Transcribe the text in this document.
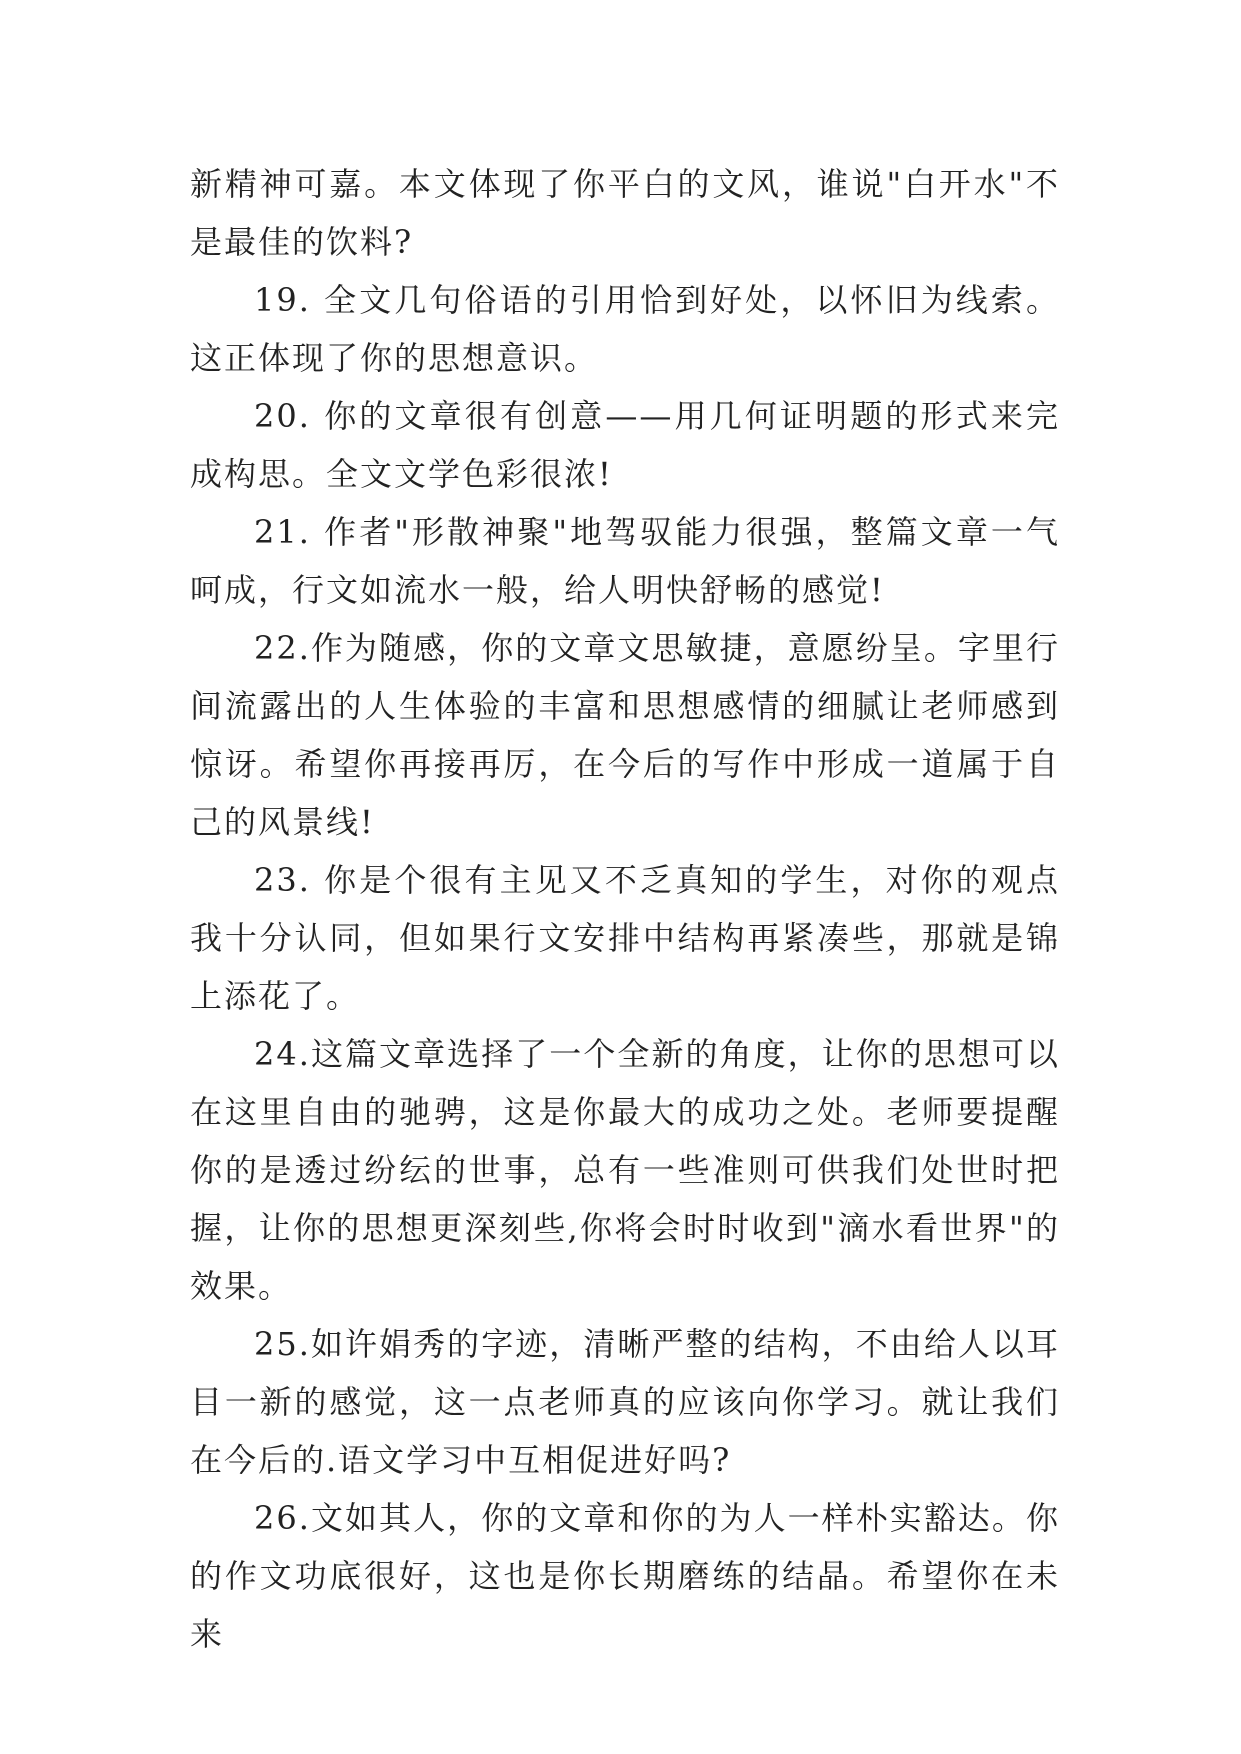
新精神可嘉。本文体现了你平白的文风，谁说"白开水"不是最佳的饮料?

19. 全文几句俗语的引用恰到好处，以怀旧为线索。这正体现了你的思想意识。

20. 你的文章很有创意——用几何证明题的形式来完成构思。全文文学色彩很浓!

21. 作者"形散神聚"地驾驭能力很强，整篇文章一气呵成，行文如流水一般，给人明快舒畅的感觉!

22.作为随感，你的文章文思敏捷，意愿纷呈。字里行间流露出的人生体验的丰富和思想感情的细腻让老师感到惊讶。希望你再接再厉，在今后的写作中形成一道属于自己的风景线!

23. 你是个很有主见又不乏真知的学生，对你的观点我十分认同，但如果行文安排中结构再紧凑些，那就是锦上添花了。

24.这篇文章选择了一个全新的角度，让你的思想可以在这里自由的驰骋，这是你最大的成功之处。老师要提醒你的是透过纷纭的世事，总有一些准则可供我们处世时把握，让你的思想更深刻些,你将会时时收到"滴水看世界"的效果。

25.如许娟秀的字迹，清晰严整的结构，不由给人以耳目一新的感觉，这一点老师真的应该向你学习。就让我们在今后的.语文学习中互相促进好吗?

26.文如其人，你的文章和你的为人一样朴实豁达。你的作文功底很好，这也是你长期磨练的结晶。希望你在未来
